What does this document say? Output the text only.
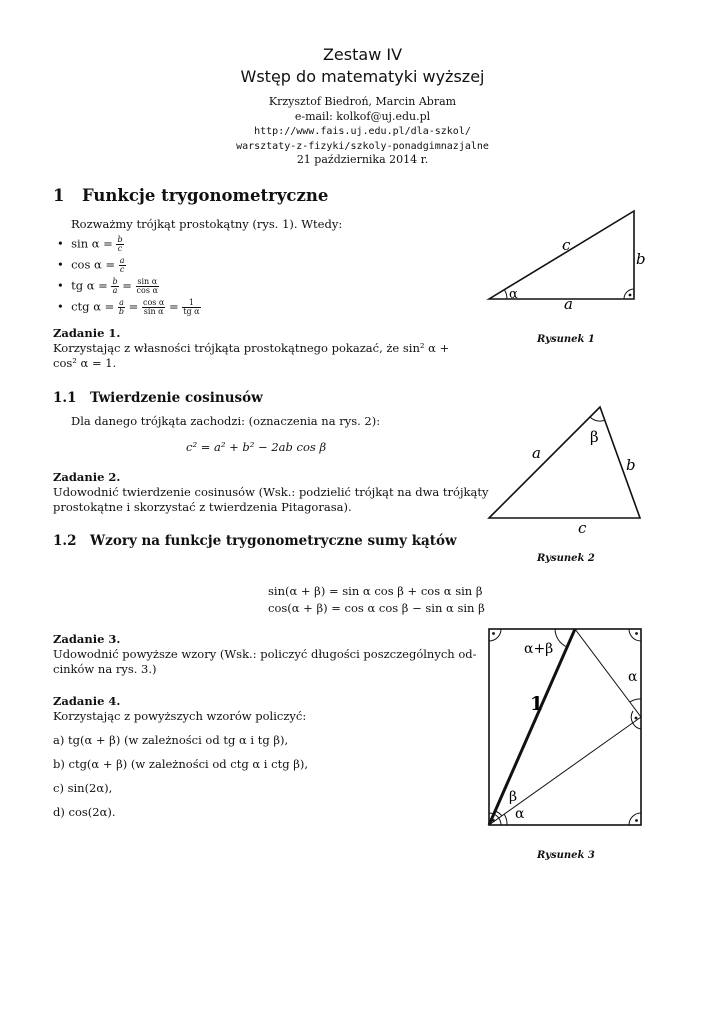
Zestaw IV
Wstęp do matematyki wyższej
Krzysztof Biedroń, Marcin Abram
e-mail: kolkof@uj.edu.pl
http://www.fais.uj.edu.pl/dla-szkol/
warsztaty-z-fizyki/szkoly-ponadgimnazjalne
21 października 2014 r.
1 Funkcje trygonometryczne
Rozważmy trójkąt prostokątny (rys. 1). Wtedy:
•  $\sin \alpha = \frac{b}{c}$
•  $\cos \alpha = \frac{a}{c}$
•  tg $\alpha = \frac{b}{a} = \frac{\text{sin α}}{\text{cos α}}$
•  ctg $\alpha = \frac{a}{b} = \frac{\text{cos α}}{\text{sin α}} = \frac{1}{\text{tg α}}$
Zadanie 1.
Korzystając z własności trójkąta prostokątnego pokazać, że sin² α +
cos² α = 1.
1.1 Twierdzenie cosinusów
Dla danego trójkąta zachodzi: (oznaczenia na rys. 2):
c² = a² + b² − 2ab cos β
Zadanie 2.
Udowodnić twierdzenie cosinusów (Wsk.: podzielić trójkąt na dwa trójkąty
prostokątne i skorzystać z twierdzenia Pitagorasa).
1.2 Wzory na funkcje trygonometryczne sumy kątów
sin(α + β) = sin α cos β + cos α sin β
cos(α + β) = cos α cos β − sin α sin β
Zadanie 3.
Udowodnić powyższe wzory (Wsk.: policzyć długości poszczególnych od-
cinków na rys. 3.)
Zadanie 4.
Korzystając z powyższych wzorów policzyć:
a) tg(α + β) (w zależności od tg α i tg β),
b) ctg(α + β) (w zależności od ctg α i ctg β),
c) sin(2α),
d) cos(2α).
c
b
a
α
Rysunek 1
β
a
b
c
Rysunek 2
α+β
α
1
β
α
Rysunek 3
